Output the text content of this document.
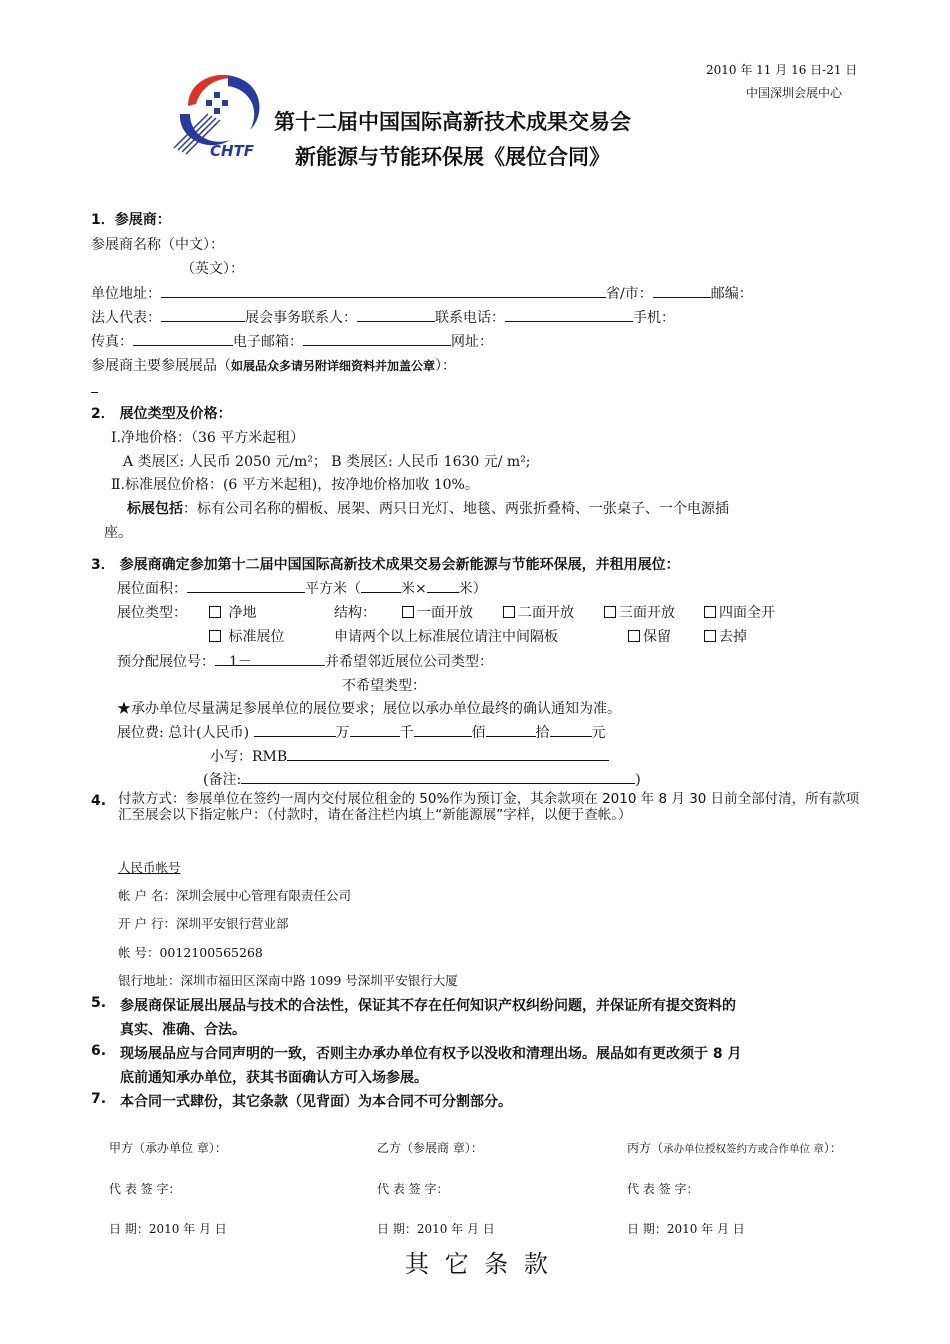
2010 年 11 月 16 日-21 日
中国深圳会展中心
CHTF
第十二届中国国际高新技术成果交易会
新能源与节能环保展《展位合同》
1．参展商：
参展商名称（中文）：
（英文）：
单位地址：	省/市：	邮编：
法人代表：	展会事务联系人：	联系电话：	手机：
传真：	电子邮箱：	网址：
参展商主要参展展品（如展品众多请另附详细资料并加盖公章）：
2． 展位类型及价格：
Ⅰ.净地价格：（36 平方米起租）
A 类展区: 人民币 2050 元/m²； B 类展区: 人民币 1630 元/ m²;
Ⅱ.标准展位价格：(6 平方米起租)，按净地价格加收 10%。
标展包括：标有公司名称的楣板、展架、两只日光灯、地毯、两张折叠椅、一张桌子、一个电源插
座。
3． 参展商确定参加第十二届中国国际高新技术成果交易会新能源与节能环保展，并租用展位：
展位面积：	平方米（	米× 米）
展位类型：	净地	结构：	一面开放	二面开放	三面开放	四面全开
标准展位	申请两个以上标准展位请注中间隔板	保留	去掉
预分配展位号： 1－	并希望邻近展位公司类型：
不希望类型：
★承办单位尽量满足参展单位的展位要求；展位以承办单位最终的确认通知为准。
展位费: 总计(人民币)	万	千	佰	拾	元
小写：RMB
(备注:	)
4. 付款方式：参展单位在签约一周内交付展位租金的 50%作为预订金，其余款项在 2010 年 8 月 30 日前全部付清，所有款项汇至展会以下指定帐户：（付款时，请在备注栏内填上“新能源展”字样，以便于查帐。）
人民币帐号
帐 户 名：深圳会展中心管理有限责任公司
开 户 行：深圳平安银行营业部
帐 号：0012100565268
银行地址：深圳市福田区深南中路 1099 号深圳平安银行大厦
5. 参展商保证展出展品与技术的合法性，保证其不存在任何知识产权纠纷问题，并保证所有提交资料的
真实、准确、合法。
6. 现场展品应与合同声明的一致，否则主办承办单位有权予以没收和清理出场。展品如有更改须于 8 月
底前通知承办单位，获其书面确认方可入场参展。
7. 本合同一式肆份，其它条款（见背面）为本合同不可分割部分。
甲方（承办单位 章）：	乙方（参展商 章）：	丙方（承办单位授权签约方或合作单位 章）：
代 表 签 字：	代 表 签 字：	代 表 签 字：
日 期：2010 年 月 日	日 期：2010 年 月 日	日 期：2010 年 月 日
其 它 条 款
